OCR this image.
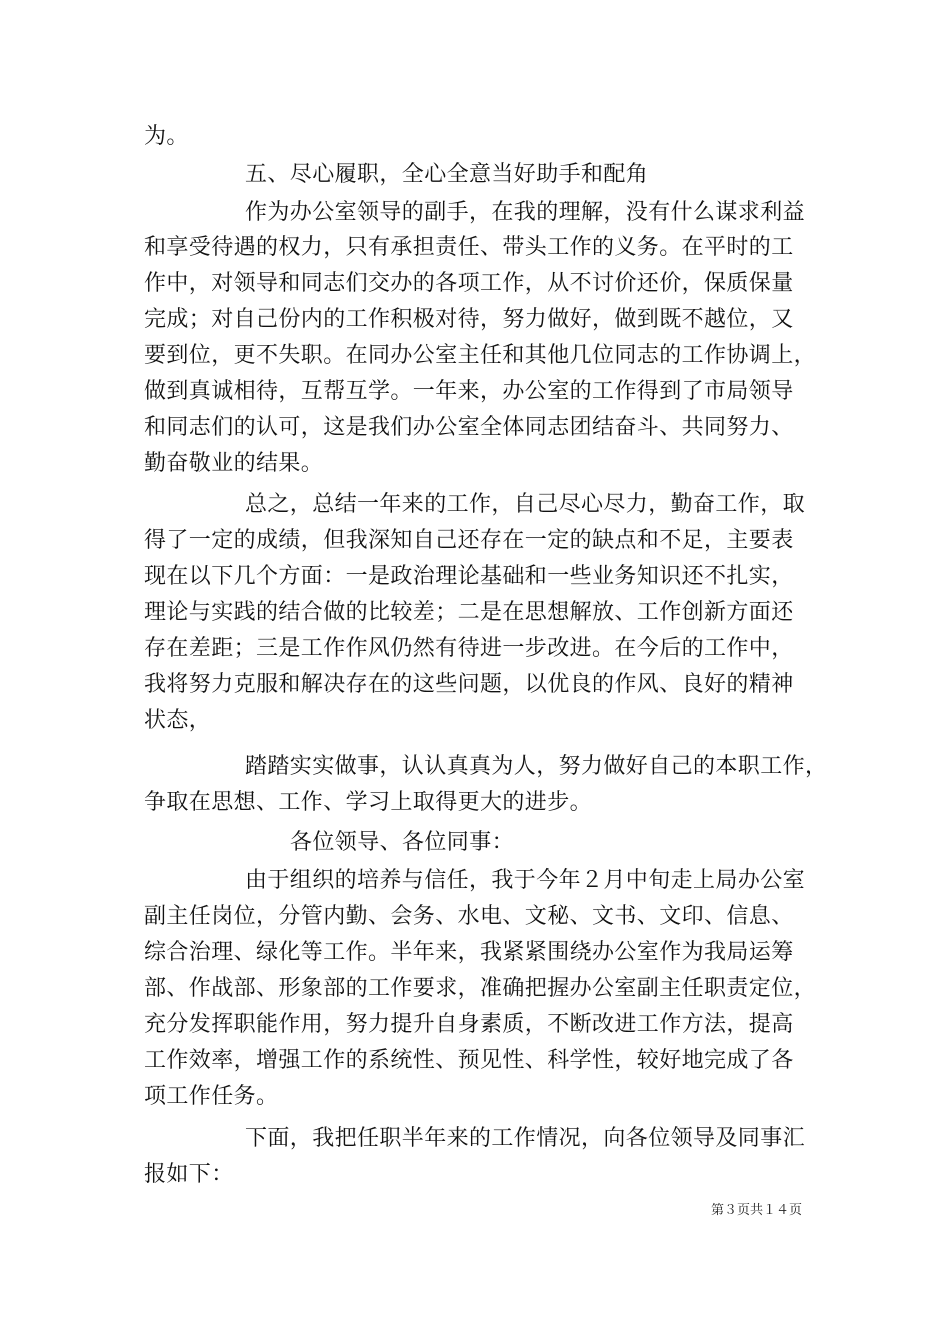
为。
五、尽心履职，全心全意当好助手和配角
作为办公室领导的副手，在我的理解，没有什么谋求利益
和享受待遇的权力，只有承担责任、带头工作的义务。在平时的工
作中，对领导和同志们交办的各项工作，从不讨价还价，保质保量
完成；对自己份内的工作积极对待，努力做好，做到既不越位，又
要到位，更不失职。在同办公室主任和其他几位同志的工作协调上，
做到真诚相待，互帮互学。一年来，办公室的工作得到了市局领导
和同志们的认可，这是我们办公室全体同志团结奋斗、共同努力、
勤奋敬业的结果。
总之，总结一年来的工作，自己尽心尽力，勤奋工作，取
得了一定的成绩，但我深知自己还存在一定的缺点和不足，主要表
现在以下几个方面：一是政治理论基础和一些业务知识还不扎实，
理论与实践的结合做的比较差；二是在思想解放、工作创新方面还
存在差距；三是工作作风仍然有待进一步改进。在今后的工作中，
我将努力克服和解决存在的这些问题，以优良的作风、良好的精神
状态，
踏踏实实做事，认认真真为人，努力做好自己的本职工作，
争取在思想、工作、学习上取得更大的进步。
各位领导、各位同事：
由于组织的培养与信任，我于今年２月中旬走上局办公室
副主任岗位，分管内勤、会务、水电、文秘、文书、文印、信息、
综合治理、绿化等工作。半年来，我紧紧围绕办公室作为我局运筹
部、作战部、形象部的工作要求，准确把握办公室副主任职责定位，
充分发挥职能作用，努力提升自身素质，不断改进工作方法，提高
工作效率，增强工作的系统性、预见性、科学性，较好地完成了各
项工作任务。
下面，我把任职半年来的工作情况，向各位领导及同事汇
报如下：
第３页共１４页
